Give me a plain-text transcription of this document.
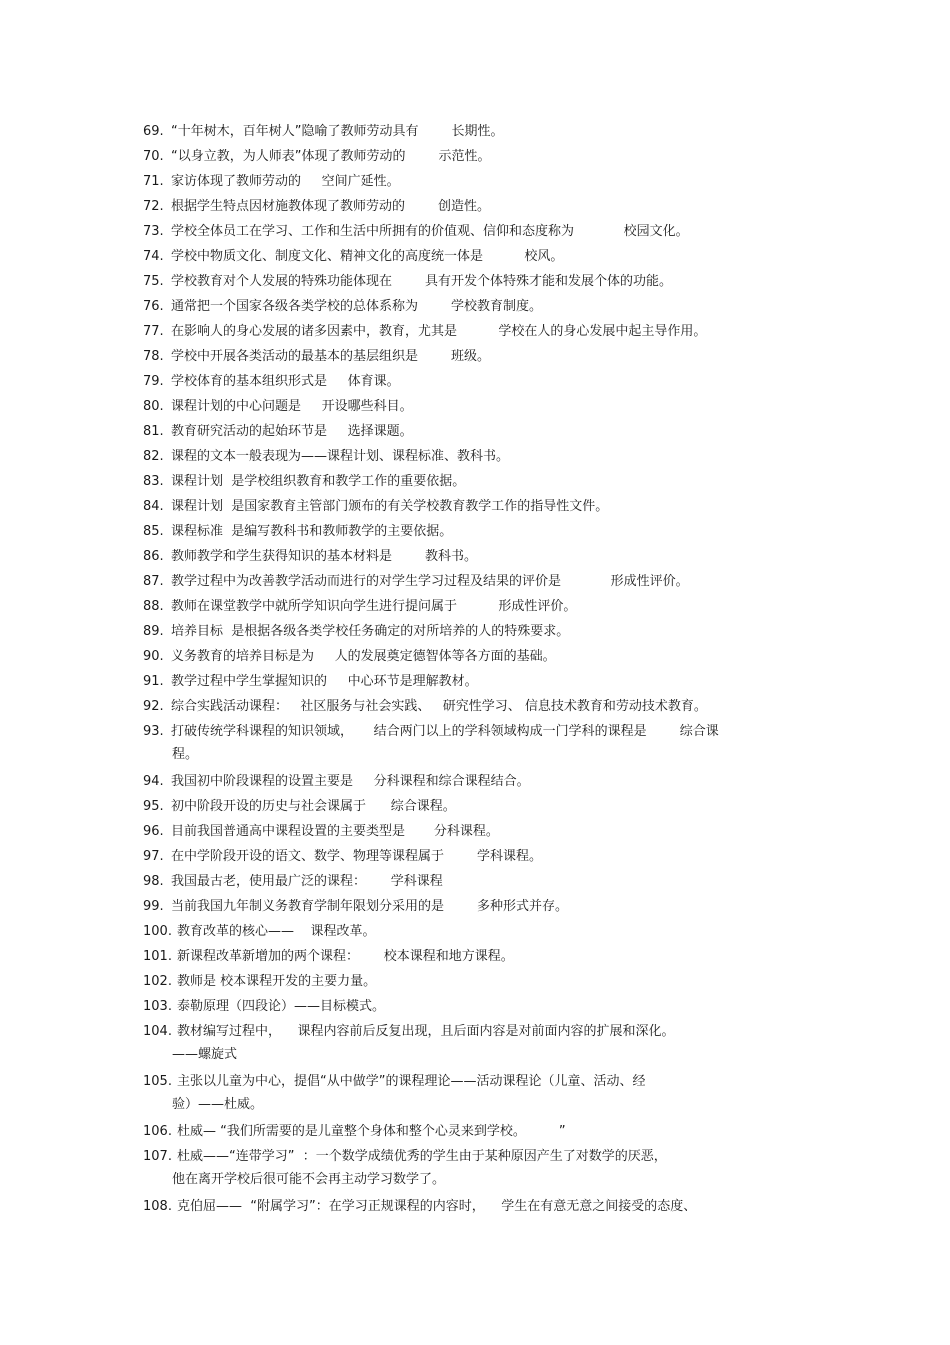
69. “十年树木，百年树人”隐喻了教师劳动具有        长期性。
70. “以身立教，为人师表”体现了教师劳动的        示范性。
71. 家访体现了教师劳动的     空间广延性。
72. 根据学生特点因材施教体现了教师劳动的        创造性。
73. 学校全体员工在学习、工作和生活中所拥有的价值观、信仰和态度称为            校园文化。
74. 学校中物质文化、制度文化、精神文化的高度统一体是          校风。
75. 学校教育对个人发展的特殊功能体现在        具有开发个体特殊才能和发展个体的功能。
76. 通常把一个国家各级各类学校的总体系称为        学校教育制度。
77. 在影响人的身心发展的诸多因素中，教育，尤其是          学校在人的身心发展中起主导作用。
78. 学校中开展各类活动的最基本的基层组织是        班级。
79. 学校体育的基本组织形式是     体育课。
80. 课程计划的中心问题是     开设哪些科目。
81. 教育研究活动的起始环节是     选择课题。
82. 课程的文本一般表现为——课程计划、课程标准、教科书。
83. 课程计划  是学校组织教育和教学工作的重要依据。
84. 课程计划  是国家教育主管部门颁布的有关学校教育教学工作的指导性文件。
85. 课程标准  是编写教科书和教师教学的主要依据。
86. 教师教学和学生获得知识的基本材料是        教科书。
87. 教学过程中为改善教学活动而进行的对学生学习过程及结果的评价是            形成性评价。
88. 教师在课堂教学中就所学知识向学生进行提问属于          形成性评价。
89. 培养目标  是根据各级各类学校任务确定的对所培养的人的特殊要求。
90. 义务教育的培养目标是为     人的发展奠定德智体等各方面的基础。
91. 教学过程中学生掌握知识的     中心环节是理解教材。
92. 综合实践活动课程：   社区服务与社会实践、   研究性学习、 信息技术教育和劳动技术教育。
93. 打破传统学科课程的知识领域，     结合两门以上的学科领域构成一门学科的课程是        综合课
程。
94. 我国初中阶段课程的设置主要是     分科课程和综合课程结合。
95. 初中阶段开设的历史与社会课属于      综合课程。
96. 目前我国普通高中课程设置的主要类型是       分科课程。
97. 在中学阶段开设的语文、数学、物理等课程属于        学科课程。
98. 我国最古老，使用最广泛的课程：      学科课程
99. 当前我国九年制义务教育学制年限划分采用的是        多种形式并存。
100. 教育改革的核心——    课程改革。
101. 新课程改革新增加的两个课程：      校本课程和地方课程。
102. 教师是 校本课程开发的主要力量。
103. 泰勒原理（四段论）——目标模式。
104. 教材编写过程中，    课程内容前后反复出现，且后面内容是对前面内容的扩展和深化。
——螺旋式
105. 主张以儿童为中心，提倡“从中做学”的课程理论——活动课程论（儿童、活动、经
验）——杜威。
106. 杜威— “我们所需要的是儿童整个身体和整个心灵来到学校。        ”
107. 杜威——“连带学习”  ：一个数学成绩优秀的学生由于某种原因产生了对数学的厌恶，
他在离开学校后很可能不会再主动学习数学了。
108. 克伯屈——  “附属学习”：在学习正规课程的内容时，    学生在有意无意之间接受的态度、
